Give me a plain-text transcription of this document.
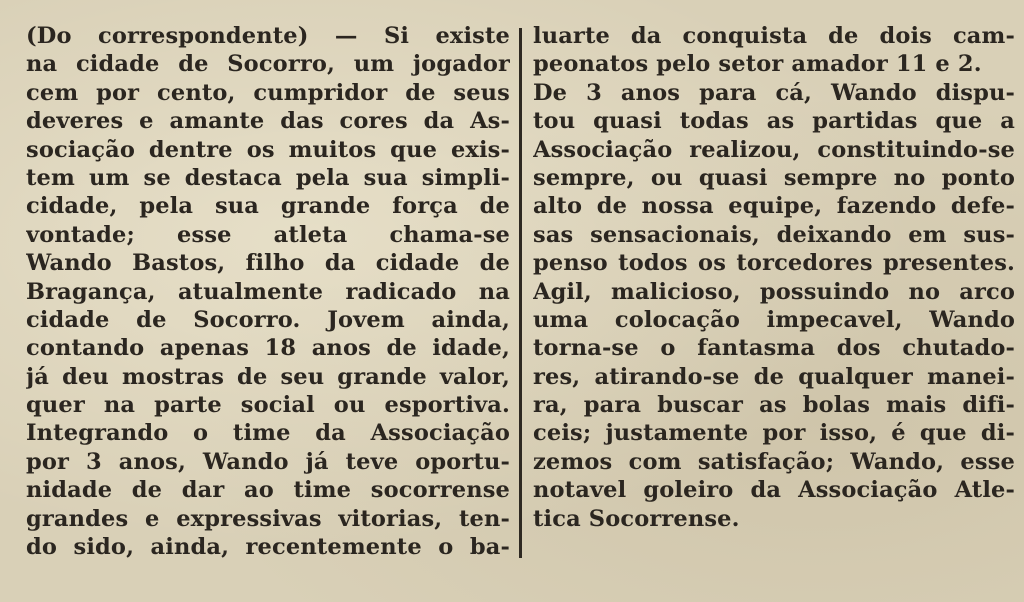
(Do correspondente) — Si existe
na cidade de Socorro, um jogador
cem por cento, cumpridor de seus
deveres e amante das cores da As-
sociação dentre os muitos que exis-
tem um se destaca pela sua simpli-
cidade, pela sua grande força de
vontade; esse atleta chama-se
Wando Bastos, filho da cidade de
Bragança, atualmente radicado na
cidade de Socorro. Jovem ainda,
contando apenas 18 anos de idade,
já deu mostras de seu grande valor,
quer na parte social ou esportiva.
Integrando o time da Associação
por 3 anos, Wando já teve oportu-
nidade de dar ao time socorrense
grandes e expressivas vitorias, ten-
do sido, ainda, recentemente o ba-
luarte da conquista de dois cam-
peonatos pelo setor amador 11 e 2.
De 3 anos para cá, Wando dispu-
tou quasi todas as partidas que a
Associação realizou, constituindo-se
sempre, ou quasi sempre no ponto
alto de nossa equipe, fazendo defe-
sas sensacionais, deixando em sus-
penso todos os torcedores presentes.
Agil, malicioso, possuindo no arco
uma colocação impecavel, Wando
torna-se o fantasma dos chutado-
res, atirando-se de qualquer manei-
ra, para buscar as bolas mais difi-
ceis; justamente por isso, é que di-
zemos com satisfação; Wando, esse
notavel goleiro da Associação Atle-
tica Socorrense.
